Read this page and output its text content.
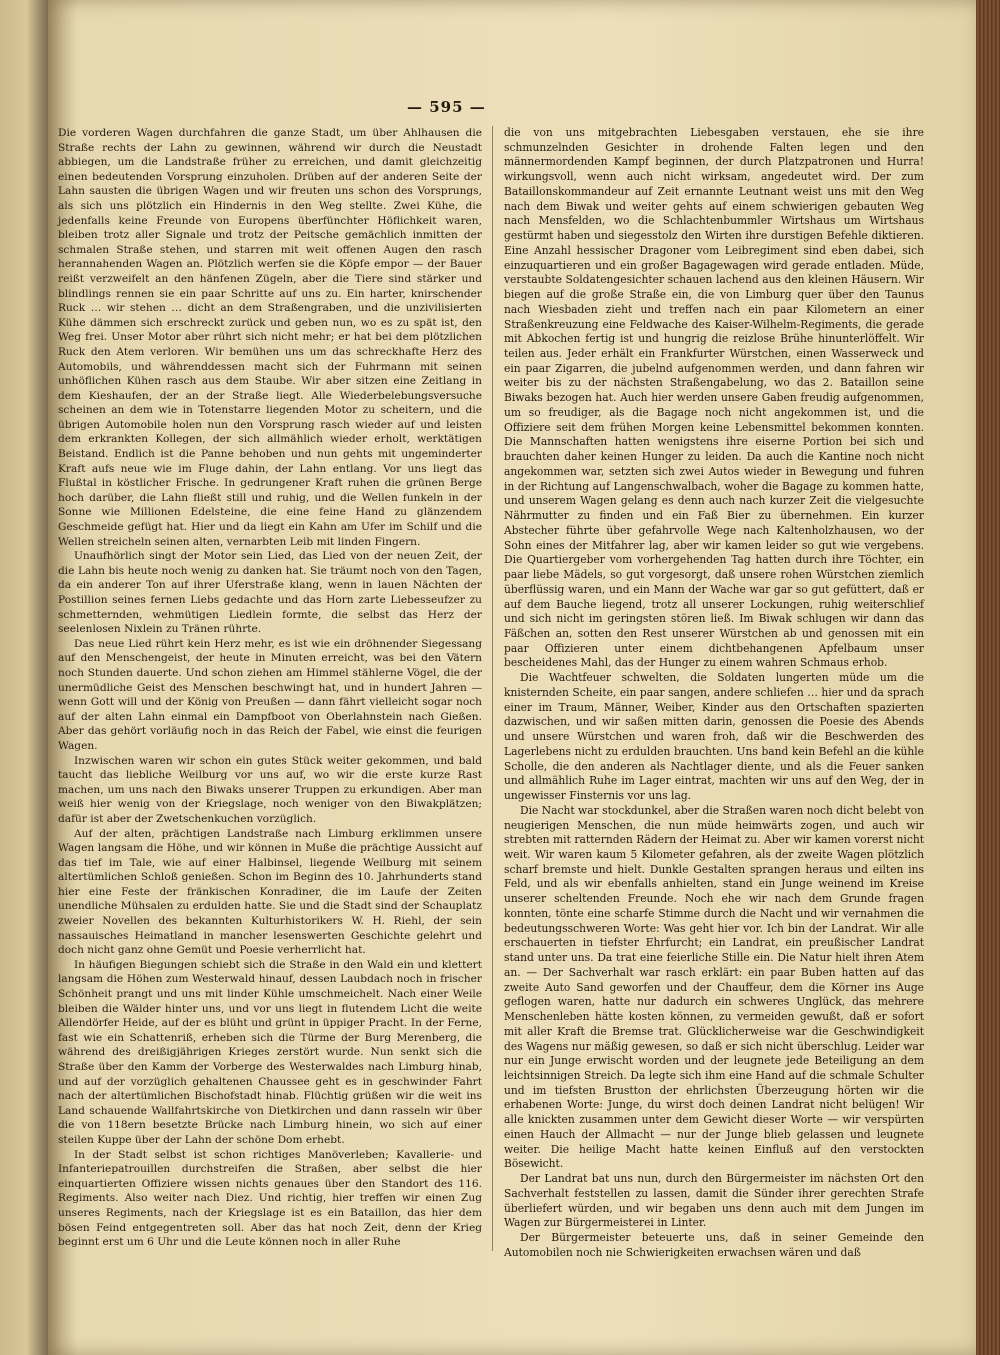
— 595 —

Die vorderen Wagen durchfahren die ganze Stadt, um über Ahlhausen die Straße rechts der Lahn zu gewinnen, während wir durch die Neustadt abbiegen, um die Landstraße früher zu erreichen, und damit gleichzeitig einen bedeutenden Vorsprung einzuholen. Drüben auf der anderen Seite der Lahn sausten die übrigen Wagen und wir freuten uns schon des Vorsprungs, als sich uns plötzlich ein Hindernis in den Weg stellte. Zwei Kühe, die jedenfalls keine Freunde von Europens überfünchter Höflichkeit waren, bleiben trotz aller Signale und trotz der Peitsche gemächlich inmitten der schmalen Straße stehen, und starren mit weit offenen Augen den rasch herannahenden Wagen an. Plötzlich werfen sie die Köpfe empor — der Bauer reißt verzweifelt an den hänfenen Zügeln, aber die Tiere sind stärker und blindlings rennen sie ein paar Schritte auf uns zu. Ein harter, knirschender Ruck … wir stehen … dicht an dem Straßengraben, und die unzivilisierten Kühe dämmen sich erschreckt zurück und geben nun, wo es zu spät ist, den Weg frei. Unser Motor aber rührt sich nicht mehr; er hat bei dem plötzlichen Ruck den Atem verloren. Wir bemühen uns um das schreckhafte Herz des Automobils, und währenddessen macht sich der Fuhrmann mit seinen unhöflichen Kühen rasch aus dem Staube. Wir aber sitzen eine Zeitlang in dem Kieshaufen, der an der Straße liegt. Alle Wiederbelebungsversuche scheinen an dem wie in Totenstarre liegenden Motor zu scheitern, und die übrigen Automobile holen nun den Vorsprung rasch wieder auf und leisten dem erkrankten Kollegen, der sich allmählich wieder erholt, werktätigen Beistand. Endlich ist die Panne behoben und nun gehts mit ungeminderter Kraft aufs neue wie im Fluge dahin, der Lahn entlang. Vor uns liegt das Flußtal in köstlicher Frische. In gedrungener Kraft ruhen die grünen Berge hoch darüber, die Lahn fließt still und ruhig, und die Wellen funkeln in der Sonne wie Millionen Edelsteine, die eine feine Hand zu glänzendem Geschmeide gefügt hat. Hier und da liegt ein Kahn am Ufer im Schilf und die Wellen streicheln seinen alten, vernarbten Leib mit linden Fingern.

Unaufhörlich singt der Motor sein Lied, das Lied von der neuen Zeit, der die Lahn bis heute noch wenig zu danken hat. Sie träumt noch von den Tagen, da ein anderer Ton auf ihrer Uferstraße klang, wenn in lauen Nächten der Postillion seines fernen Liebs gedachte und das Horn zarte Liebesseufzer zu schmetternden, wehmütigen Liedlein formte, die selbst das Herz der seelenlosen Nixlein zu Tränen rührte.

Das neue Lied rührt kein Herz mehr, es ist wie ein dröhnender Siegessang auf den Menschengeist, der heute in Minuten erreicht, was bei den Vätern noch Stunden dauerte. Und schon ziehen am Himmel stählerne Vögel, die der unermüdliche Geist des Menschen beschwingt hat, und in hundert Jahren — wenn Gott will und der König von Preußen — dann fährt vielleicht sogar noch auf der alten Lahn einmal ein Dampfboot von Oberlahnstein nach Gießen. Aber das gehört vorläufig noch in das Reich der Fabel, wie einst die feurigen Wagen.

Inzwischen waren wir schon ein gutes Stück weiter gekommen, und bald taucht das liebliche Weilburg vor uns auf, wo wir die erste kurze Rast machen, um uns nach den Biwaks unserer Truppen zu erkundigen. Aber man weiß hier wenig von der Kriegslage, noch weniger von den Biwakplätzen; dafür ist aber der Zwetschenkuchen vorzüglich.

Auf der alten, prächtigen Landstraße nach Limburg erklimmen unsere Wagen langsam die Höhe, und wir können in Muße die prächtige Aussicht auf das tief im Tale, wie auf einer Halbinsel, liegende Weilburg mit seinem altertümlichen Schloß genießen. Schon im Beginn des 10. Jahrhunderts stand hier eine Feste der fränkischen Konradiner, die im Laufe der Zeiten unendliche Mühsalen zu erdulden hatte. Sie und die Stadt sind der Schauplatz zweier Novellen des bekannten Kulturhistorikers W. H. Riehl, der sein nassauisches Heimatland in mancher lesenswerten Geschichte gelehrt und doch nicht ganz ohne Gemüt und Poesie verherrlicht hat.

In häufigen Biegungen schiebt sich die Straße in den Wald ein und klettert langsam die Höhen zum Westerwald hinauf, dessen Laubdach noch in frischer Schönheit prangt und uns mit linder Kühle umschmeichelt. Nach einer Weile bleiben die Wälder hinter uns, und vor uns liegt in flutendem Licht die weite Allendörfer Heide, auf der es blüht und grünt in üppiger Pracht. In der Ferne, fast wie ein Schattenriß, erheben sich die Türme der Burg Merenberg, die während des dreißigjährigen Krieges zerstört wurde. Nun senkt sich die Straße über den Kamm der Vorberge des Westerwaldes nach Limburg hinab, und auf der vorzüglich gehaltenen Chaussee geht es in geschwinder Fahrt nach der altertümlichen Bischofstadt hinab. Flüchtig grüßen wir die weit ins Land schauende Wallfahrtskirche von Dietkirchen und dann rasseln wir über die von 118ern besetzte Brücke nach Limburg hinein, wo sich auf einer steilen Kuppe über der Lahn der schöne Dom erhebt.

In der Stadt selbst ist schon richtiges Manöverleben; Kavallerie- und Infanteriepatrouillen durchstreifen die Straßen, aber selbst die hier einquartierten Offiziere wissen nichts genaues über den Standort des 116. Regiments. Also weiter nach Diez. Und richtig, hier treffen wir einen Zug unseres Regiments, nach der Kriegslage ist es ein Bataillon, das hier dem bösen Feind entgegentreten soll. Aber das hat noch Zeit, denn der Krieg beginnt erst um 6 Uhr und die Leute können noch in aller Ruhe

die von uns mitgebrachten Liebesgaben verstauen, ehe sie ihre schmunzelnden Gesichter in drohende Falten legen und den männermordenden Kampf beginnen, der durch Platzpatronen und Hurra! wirkungsvoll, wenn auch nicht wirksam, angedeutet wird. Der zum Bataillonskommandeur auf Zeit ernannte Leutnant weist uns mit den Weg nach dem Biwak und weiter gehts auf einem schwierigen gebauten Weg nach Mensfelden, wo die Schlachtenbummler Wirtshaus um Wirtshaus gestürmt haben und siegesstolz den Wirten ihre durstigen Befehle diktieren. Eine Anzahl hessischer Dragoner vom Leibregiment sind eben dabei, sich einzuquartieren und ein großer Bagagewagen wird gerade entladen. Müde, verstaubte Soldatengesichter schauen lachend aus den kleinen Häusern. Wir biegen auf die große Straße ein, die von Limburg quer über den Taunus nach Wiesbaden zieht und treffen nach ein paar Kilometern an einer Straßenkreuzung eine Feldwache des Kaiser-Wilhelm-Regiments, die gerade mit Abkochen fertig ist und hungrig die reizlose Brühe hinunterlöffelt. Wir teilen aus. Jeder erhält ein Frankfurter Würstchen, einen Wasserweck und ein paar Zigarren, die jubelnd aufgenommen werden, und dann fahren wir weiter bis zu der nächsten Straßengabelung, wo das 2. Bataillon seine Biwaks bezogen hat. Auch hier werden unsere Gaben freudig aufgenommen, um so freudiger, als die Bagage noch nicht angekommen ist, und die Offiziere seit dem frühen Morgen keine Lebensmittel bekommen konnten. Die Mannschaften hatten wenigstens ihre eiserne Portion bei sich und brauchten daher keinen Hunger zu leiden. Da auch die Kantine noch nicht angekommen war, setzten sich zwei Autos wieder in Bewegung und fuhren in der Richtung auf Langenschwalbach, woher die Bagage zu kommen hatte, und unserem Wagen gelang es denn auch nach kurzer Zeit die vielgesuchte Nährmutter zu finden und ein Faß Bier zu übernehmen. Ein kurzer Abstecher führte über gefahrvolle Wege nach Kaltenholzhausen, wo der Sohn eines der Mitfahrer lag, aber wir kamen leider so gut wie vergebens. Die Quartiergeber vom vorhergehenden Tag hatten durch ihre Töchter, ein paar liebe Mädels, so gut vorgesorgt, daß unsere rohen Würstchen ziemlich überflüssig waren, und ein Mann der Wache war gar so gut gefüttert, daß er auf dem Bauche liegend, trotz all unserer Lockungen, ruhig weiterschlief und sich nicht im geringsten stören ließ. Im Biwak schlugen wir dann das Fäßchen an, sotten den Rest unserer Würstchen ab und genossen mit ein paar Offizieren unter einem dichtbehangenen Apfelbaum unser bescheidenes Mahl, das der Hunger zu einem wahren Schmaus erhob.

Die Wachtfeuer schwelten, die Soldaten lungerten müde um die knisternden Scheite, ein paar sangen, andere schliefen … hier und da sprach einer im Traum, Männer, Weiber, Kinder aus den Ortschaften spazierten dazwischen, und wir saßen mitten darin, genossen die Poesie des Abends und unsere Würstchen und waren froh, daß wir die Beschwerden des Lagerlebens nicht zu erdulden brauchten. Uns band kein Befehl an die kühle Scholle, die den anderen als Nachtlager diente, und als die Feuer sanken und allmählich Ruhe im Lager eintrat, machten wir uns auf den Weg, der in ungewisser Finsternis vor uns lag.

Die Nacht war stockdunkel, aber die Straßen waren noch dicht belebt von neugierigen Menschen, die nun müde heimwärts zogen, und auch wir strebten mit ratternden Rädern der Heimat zu. Aber wir kamen vorerst nicht weit. Wir waren kaum 5 Kilometer gefahren, als der zweite Wagen plötzlich scharf bremste und hielt. Dunkle Gestalten sprangen heraus und eilten ins Feld, und als wir ebenfalls anhielten, stand ein Junge weinend im Kreise unserer scheltenden Freunde. Noch ehe wir nach dem Grunde fragen konnten, tönte eine scharfe Stimme durch die Nacht und wir vernahmen die bedeutungsschweren Worte: Was geht hier vor. Ich bin der Landrat. Wir alle erschauerten in tiefster Ehrfurcht; ein Landrat, ein preußischer Landrat stand unter uns. Da trat eine feierliche Stille ein. Die Natur hielt ihren Atem an. — Der Sachverhalt war rasch erklärt: ein paar Buben hatten auf das zweite Auto Sand geworfen und der Chauffeur, dem die Körner ins Auge geflogen waren, hatte nur dadurch ein schweres Unglück, das mehrere Menschenleben hätte kosten können, zu vermeiden gewußt, daß er sofort mit aller Kraft die Bremse trat. Glücklicherweise war die Geschwindigkeit des Wagens nur mäßig gewesen, so daß er sich nicht überschlug. Leider war nur ein Junge erwischt worden und der leugnete jede Beteiligung an dem leichtsinnigen Streich. Da legte sich ihm eine Hand auf die schmale Schulter und im tiefsten Brustton der ehrlichsten Überzeugung hörten wir die erhabenen Worte: Junge, du wirst doch deinen Landrat nicht belügen! Wir alle knickten zusammen unter dem Gewicht dieser Worte — wir verspürten einen Hauch der Allmacht — nur der Junge blieb gelassen und leugnete weiter. Die heilige Macht hatte keinen Einfluß auf den verstockten Bösewicht.

Der Landrat bat uns nun, durch den Bürgermeister im nächsten Ort den Sachverhalt feststellen zu lassen, damit die Sünder ihrer gerechten Strafe überliefert würden, und wir begaben uns denn auch mit dem Jungen im Wagen zur Bürgermeisterei in Linter.

Der Bürgermeister beteuerte uns, daß in seiner Gemeinde den Automobilen noch nie Schwierigkeiten erwachsen wären und daß
